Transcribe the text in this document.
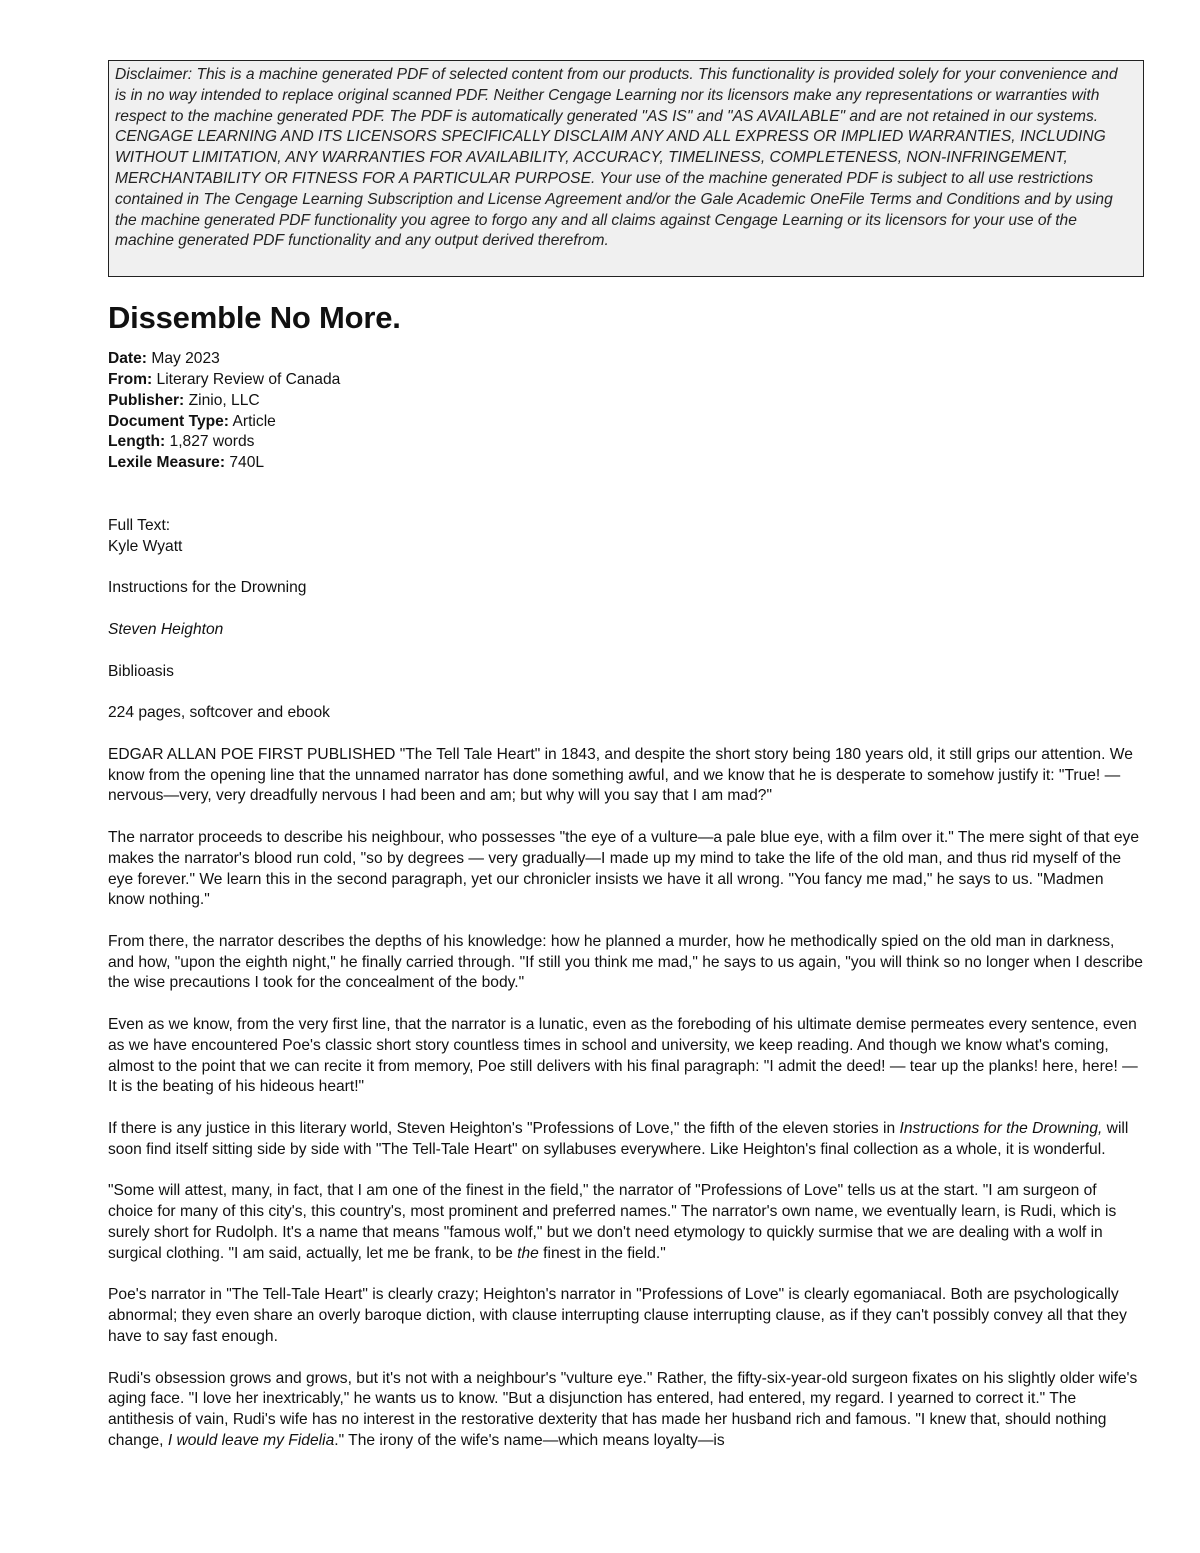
Disclaimer: This is a machine generated PDF of selected content from our products. This functionality is provided solely for your convenience and is in no way intended to replace original scanned PDF. Neither Cengage Learning nor its licensors make any representations or warranties with respect to the machine generated PDF. The PDF is automatically generated "AS IS" and "AS AVAILABLE" and are not retained in our systems. CENGAGE LEARNING AND ITS LICENSORS SPECIFICALLY DISCLAIM ANY AND ALL EXPRESS OR IMPLIED WARRANTIES, INCLUDING WITHOUT LIMITATION, ANY WARRANTIES FOR AVAILABILITY, ACCURACY, TIMELINESS, COMPLETENESS, NON-INFRINGEMENT, MERCHANTABILITY OR FITNESS FOR A PARTICULAR PURPOSE. Your use of the machine generated PDF is subject to all use restrictions contained in The Cengage Learning Subscription and License Agreement and/or the Gale Academic OneFile Terms and Conditions and by using the machine generated PDF functionality you agree to forgo any and all claims against Cengage Learning or its licensors for your use of the machine generated PDF functionality and any output derived therefrom.
Dissemble No More.
Date: May 2023
From: Literary Review of Canada
Publisher: Zinio, LLC
Document Type: Article
Length: 1,827 words
Lexile Measure: 740L

Full Text:

Kyle Wyatt

Instructions for the Drowning

Steven Heighton

Biblioasis

224 pages, softcover and ebook

EDGAR ALLAN POE FIRST PUBLISHED "The Tell Tale Heart" in 1843, and despite the short story being 180 years old, it still grips our attention. We know from the opening line that the unnamed narrator has done something awful, and we know that he is desperate to somehow justify it: "True! — nervous—very, very dreadfully nervous I had been and am; but why will you say that I am mad?"

The narrator proceeds to describe his neighbour, who possesses "the eye of a vulture—a pale blue eye, with a film over it." The mere sight of that eye makes the narrator's blood run cold, "so by degrees — very gradually—I made up my mind to take the life of the old man, and thus rid myself of the eye forever." We learn this in the second paragraph, yet our chronicler insists we have it all wrong. "You fancy me mad," he says to us. "Madmen know nothing."

From there, the narrator describes the depths of his knowledge: how he planned a murder, how he methodically spied on the old man in darkness, and how, "upon the eighth night," he finally carried through. "If still you think me mad," he says to us again, "you will think so no longer when I describe the wise precautions I took for the concealment of the body."

Even as we know, from the very first line, that the narrator is a lunatic, even as the foreboding of his ultimate demise permeates every sentence, even as we have encountered Poe's classic short story countless times in school and university, we keep reading. And though we know what's coming, almost to the point that we can recite it from memory, Poe still delivers with his final paragraph: "I admit the deed! — tear up the planks! here, here! — It is the beating of his hideous heart!"

If there is any justice in this literary world, Steven Heighton's "Professions of Love," the fifth of the eleven stories in Instructions for the Drowning, will soon find itself sitting side by side with "The Tell-Tale Heart" on syllabuses everywhere. Like Heighton's final collection as a whole, it is wonderful.

"Some will attest, many, in fact, that I am one of the finest in the field," the narrator of "Professions of Love" tells us at the start. "I am surgeon of choice for many of this city's, this country's, most prominent and preferred names." The narrator's own name, we eventually learn, is Rudi, which is surely short for Rudolph. It's a name that means "famous wolf," but we don't need etymology to quickly surmise that we are dealing with a wolf in surgical clothing. "I am said, actually, let me be frank, to be the finest in the field."

Poe's narrator in "The Tell-Tale Heart" is clearly crazy; Heighton's narrator in "Professions of Love" is clearly egomaniacal. Both are psychologically abnormal; they even share an overly baroque diction, with clause interrupting clause interrupting clause, as if they can't possibly convey all that they have to say fast enough.

Rudi's obsession grows and grows, but it's not with a neighbour's "vulture eye." Rather, the fifty-six-year-old surgeon fixates on his slightly older wife's aging face. "I love her inextricably," he wants us to know. "But a disjunction has entered, had entered, my regard. I yearned to correct it." The antithesis of vain, Rudi's wife has no interest in the restorative dexterity that has made her husband rich and famous. "I knew that, should nothing change, I would leave my Fidelia." The irony of the wife's name—which means loyalty—is
